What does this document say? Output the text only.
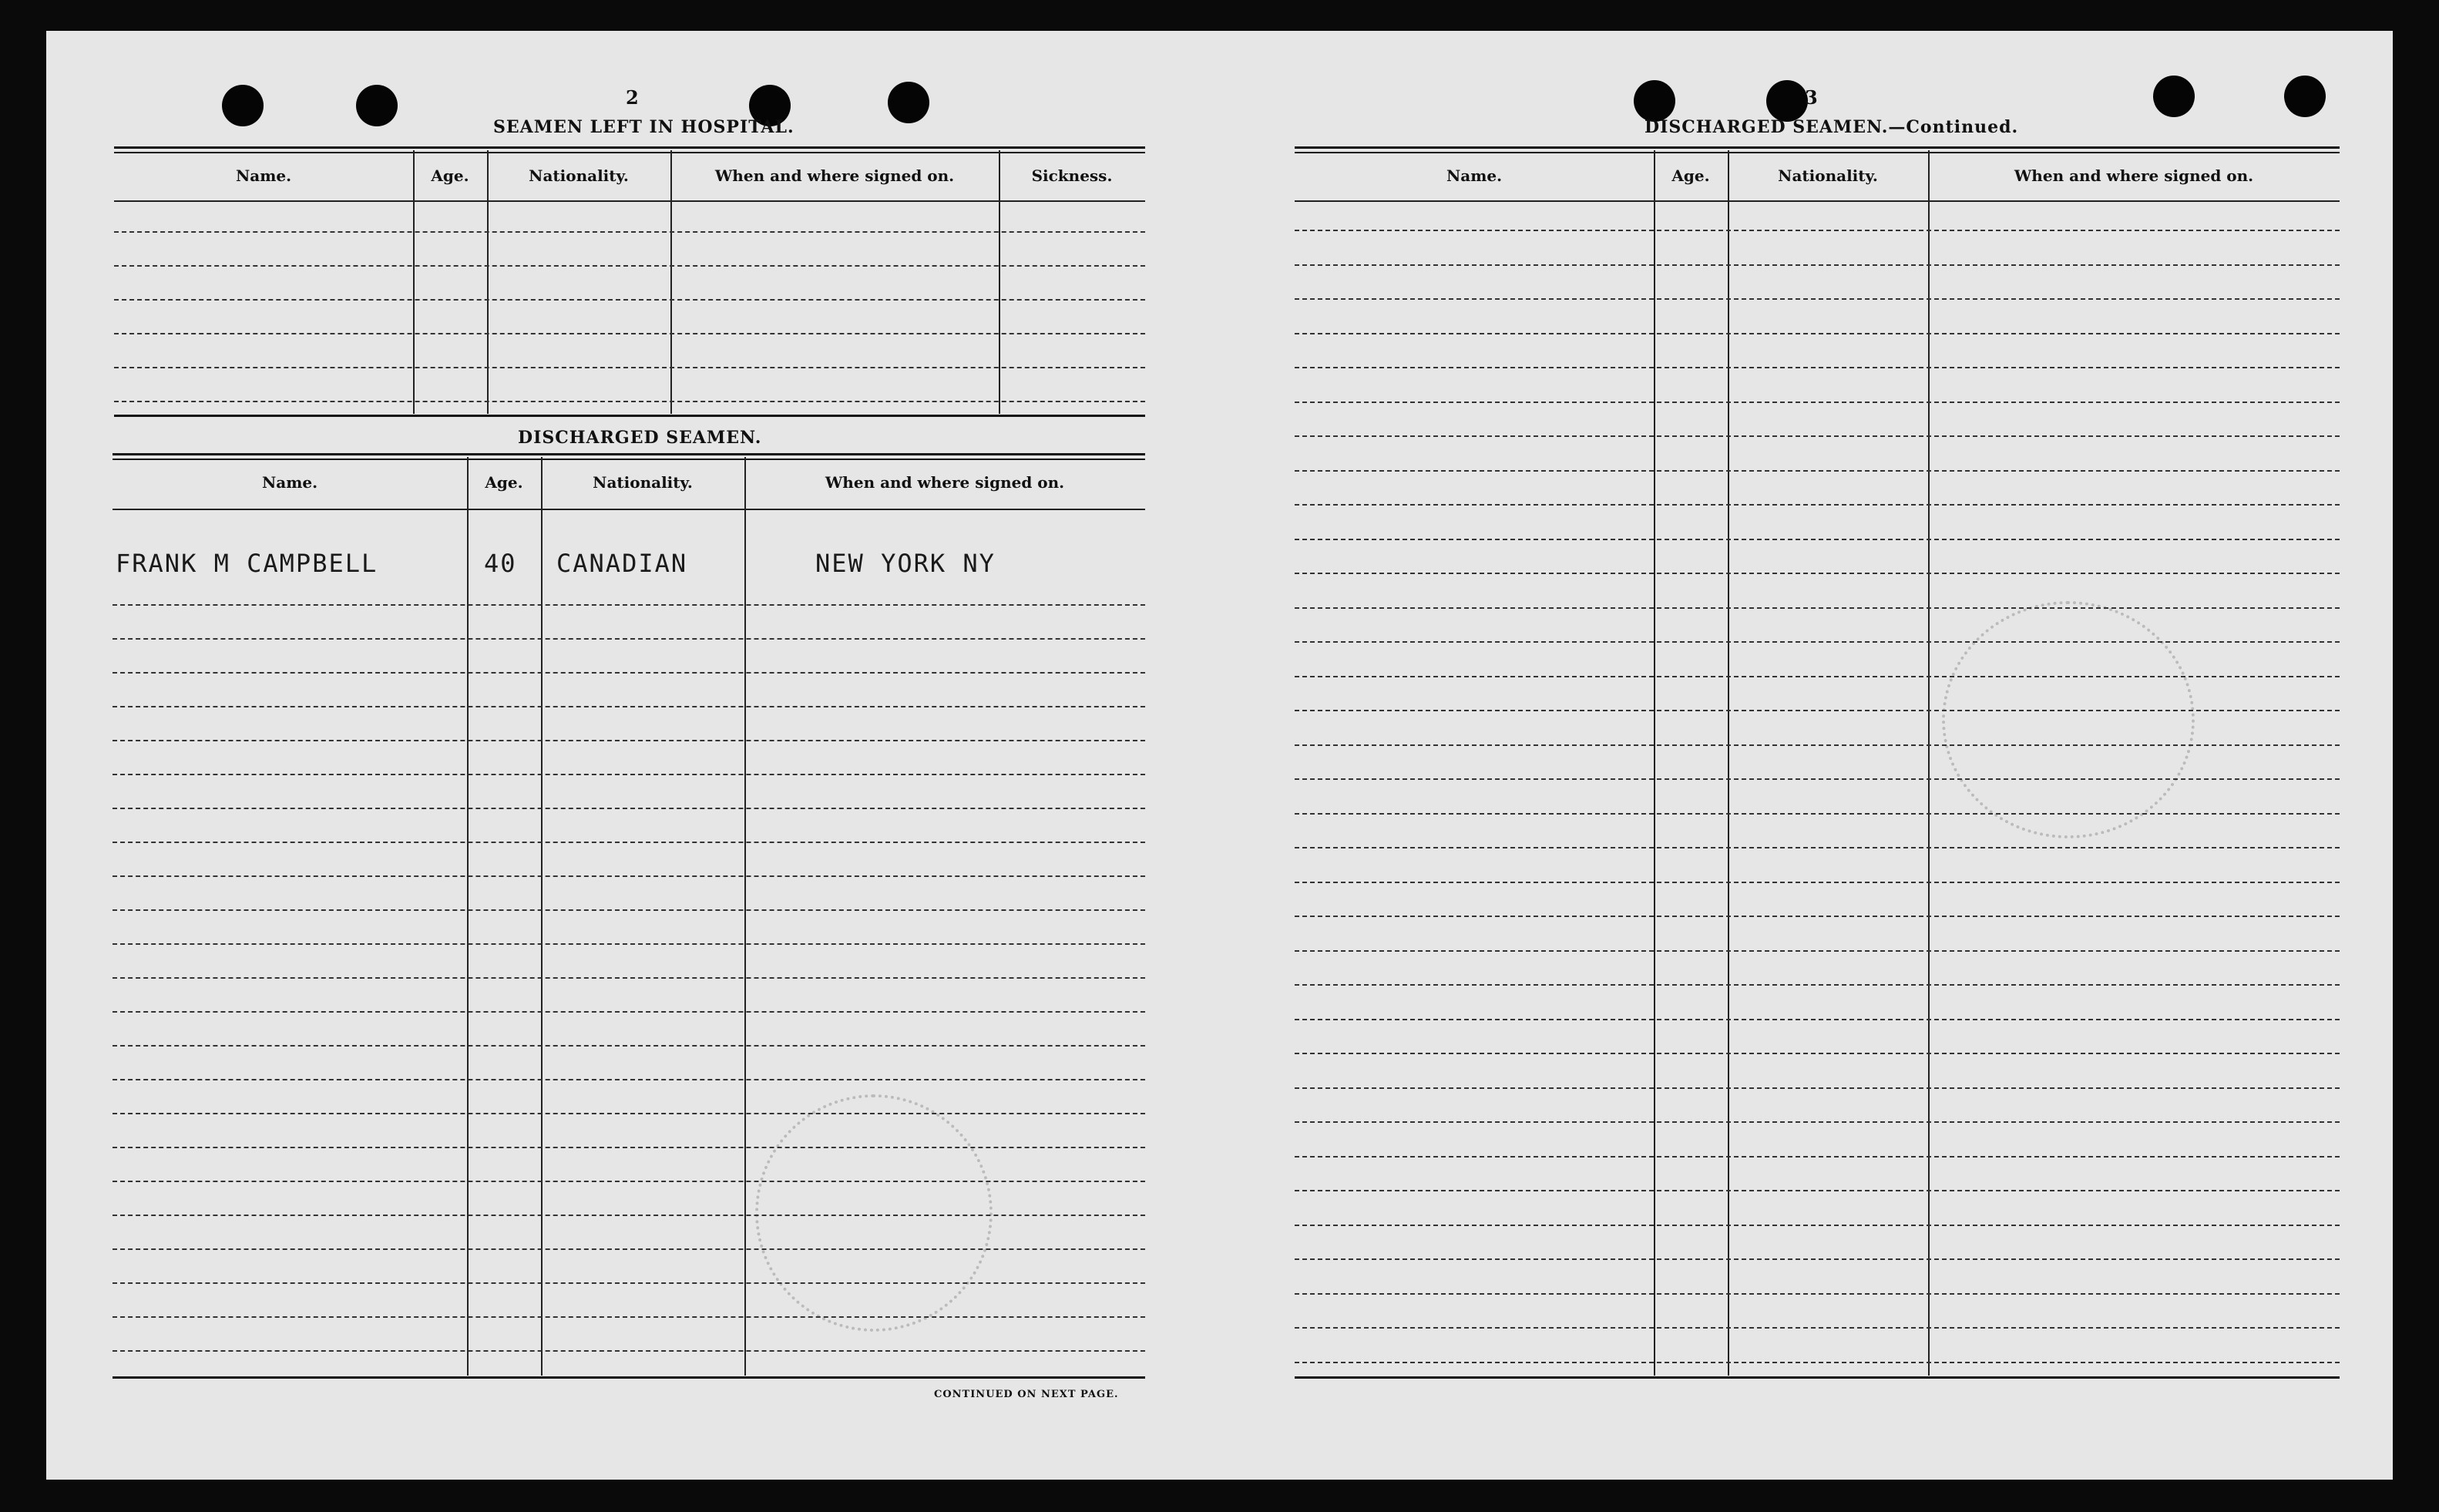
2
SEAMEN LEFT IN HOSPITAL.
Name.	Age.	Nationality.	When and where signed on.	Sickness.
DISCHARGED SEAMEN.
Name.	Age.	Nationality.	When and where signed on.
FRANK M CAMPBELL	40 CANADIAN	NEW YORK NY
CONTINUED ON NEXT PAGE.
3
DISCHARGED SEAMEN.—Continued.
Name.	Age.	Nationality.	When and where signed on.
